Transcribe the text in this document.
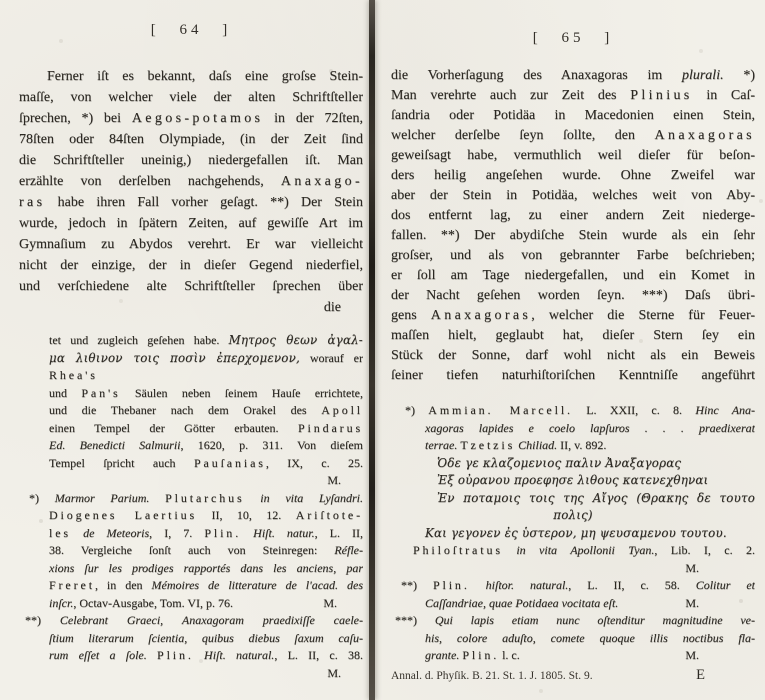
[ 64 ]
Ferner iſt es bekannt, daſs eine groſse Stein-
maſſe, von welcher viele der alten Schriftſteller
ſprechen, *) bei Aegos-potamos in der 72ſten,
78ſten oder 84ſten Olympiade, (in der Zeit ſind
die Schriftſteller uneinig,) niedergefallen iſt. Man
erzählte von derſelben nachgehends, Anaxago-
ras habe ihren Fall vorher geſagt. **) Der Stein
wurde, jedoch in ſpätern Zeiten, auf gewiſſe Art im
Gymnaſium zu Abydos verehrt. Er war vielleicht
nicht der einzige, der in dieſer Gegend niederfiel,
und verſchiedene alte Schriftſteller ſprechen über
die
tet und zugleich geſehen habe. Μητρος θεων ἀγαλ-
μα λιθινον τοις ποσὶν ἐπερχομενον, worauf er Rhea's
und Pan's Säulen neben ſeinem Hauſe errichtete,
und die Thebaner nach dem Orakel des Apoll
einen Tempel der Götter erbauten. Pindarus
Ed. Benedicti Salmurii, 1620, p. 311. Von dieſem
Tempel ſpricht auch Pauſanias, IX, c. 25.
M.
*) Marmor Parium. Plutarchus in vita Lyſandri.
Diogenes Laertius II, 10, 12. Ariſtote-
les de Meteoris, I, 7. Plin. Hiſt. natur., L. II,
38. Vergleiche ſonſt auch von Steinregen: Réfle-
xions ſur les prodiges rapportés dans les anciens, par
Freret, in den Mémoires de litterature de l'acad. des
inſcr., Octav-Ausgabe, Tom. VI, p. 76.	M.
**) Celebrant Graeci, Anaxagoram praedixiſſe caele-
ſtium literarum ſcientia, quibus diebus ſaxum caſu-
rum eſſet a ſole. Plin. Hiſt. natural., L. II, c. 38.
M.
[ 65 ]
die Vorherſagung des Anaxagoras im plurali. *)
Man verehrte auch zur Zeit des Plinius in Caſ-
ſandria oder Potidäa in Macedonien einen Stein,
welcher derſelbe ſeyn ſollte, den Anaxagoras
geweiſsagt habe, vermuthlich weil dieſer für beſon-
ders heilig angeſehen wurde. Ohne Zweifel war
aber der Stein in Potidäa, welches weit von Aby-
dos entfernt lag, zu einer andern Zeit niederge-
fallen. **) Der abydiſche Stein wurde als ein ſehr
groſser, und als von gebrannter Farbe beſchrieben;
er ſoll am Tage niedergefallen, und ein Komet in
der Nacht geſehen worden ſeyn. ***) Daſs übri-
gens Anaxagoras, welcher die Sterne für Feuer-
maſſen hielt, geglaubt hat, dieſer Stern ſey ein
Stück der Sonne, darf wohl nicht als ein Beweis
ſeiner tiefen naturhiſtoriſchen Kenntniſſe angeführt
*) Ammian. Marcell. L. XXII, c. 8. Hinc Ana-
xagoras lapides e coelo lapſuros . . . praedixerat
terrae. Tzetzis Chiliad. II, v. 892.
Ὁδε γε κλαζομενιος παλιν Ἀναξαγορας
Ἐξ οὐρανου προεφησε λιθους κατενεχθηναι
Ἐν ποταμοις τοις της Αἴγος (Θρακης δε τουτο
πολις)
Και γεγονεν ἐς ὑστερον, μη ψευσαμενου τουτου.
Philoſtratus in vita Apollonii Tyan., Lib. I, c. 2.
M.
**) Plin. hiſtor. natural., L. II, c. 58. Colitur et
Caſſandriae, quae Potidaea vocitata eſt.	M.
***) Qui lapis etiam nunc oſtenditur magnitudine ve-
his, colore aduſto, comete quoque illis noctibus fla-
grante. Plin. l. c.	M.
Annal. d. Phyſik. B. 21. St. 1. J. 1805. St. 9.	E
